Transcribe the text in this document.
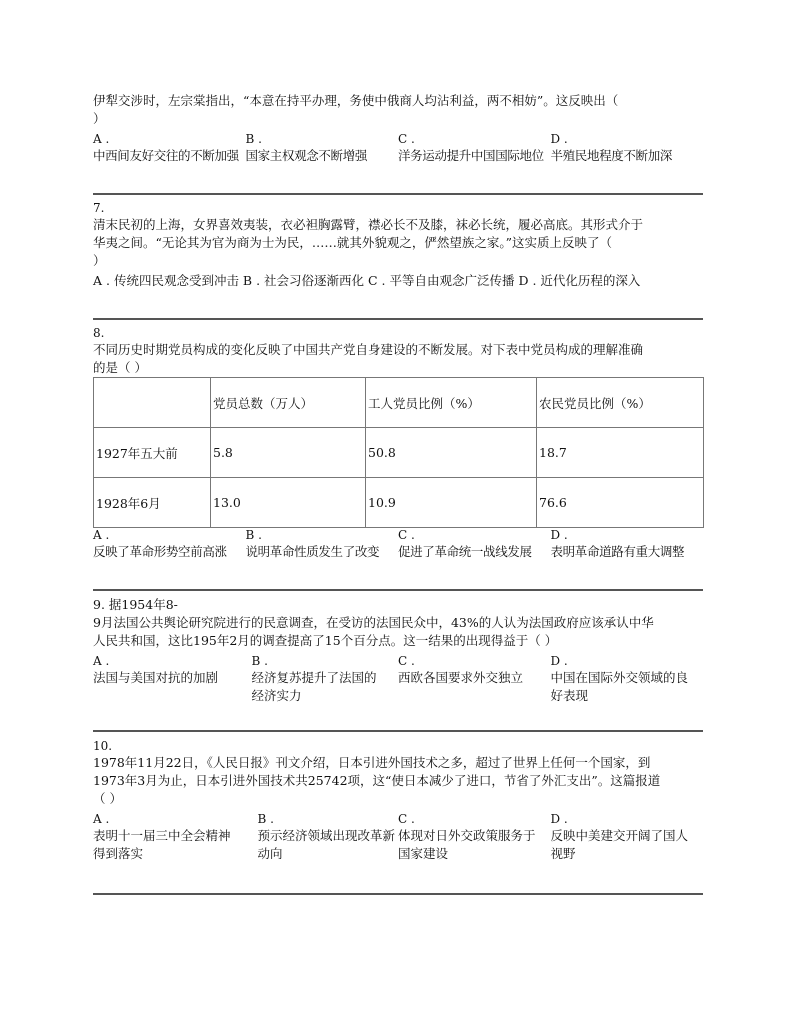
伊犁交涉时，左宗棠指出，“本意在持平办理，务使中俄商人均沾利益，两不相妨”。这反映出（
）
A .
中西间友好交往的不断加强
B .
国家主权观念不断增强
C .
洋务运动提升中国国际地位
D .
半殖民地程度不断加深
7.
清末民初的上海，女界喜效夷装，衣必袒胸露臂，襟必长不及膝，袜必长统，履必高底。其形式介于
华夷之间。“无论其为官为商为士为民，……就其外貌观之，俨然望族之家。”这实质上反映了（
）
A . 传统四民观念受到冲击 B . 社会习俗逐渐西化 C . 平等自由观念广泛传播 D . 近代化历程的深入
8.
不同历史时期党员构成的变化反映了中国共产党自身建设的不断发展。对下表中党员构成的理解准确
的是（ ）
	党员总数（万人）	工人党员比例（%）	农民党员比例（%）
1927年五大前	5.8	50.8	18.7
1928年6月	13.0	10.9	76.6
A .
反映了革命形势空前高涨
B .
说明革命性质发生了改变
C .
促进了革命统一战线发展
D .
表明革命道路有重大调整
9. 据1954年8-
9月法国公共舆论研究院进行的民意调查，在受访的法国民众中，43%的人认为法国政府应该承认中华
人民共和国，这比195年2月的调查提高了15个百分点。这一结果的出现得益于（ ）
A .
法国与美国对抗的加剧
B .
经济复苏提升了法国的经济实力
C .
西欧各国要求外交独立
D .
中国在国际外交领域的良好表现
10.
1978年11月22日，《人民日报》刊文介绍，日本引进外国技术之多，超过了世界上任何一个国家，到
1973年3月为止，日本引进外国技术共25742项，这“使日本减少了进口，节省了外汇支出”。这篇报道
（ ）
A .
表明十一届三中全会精神得到落实
B .
预示经济领域出现改革新动向
C .
体现对日外交政策服务于国家建设
D .
反映中美建交开阔了国人视野
